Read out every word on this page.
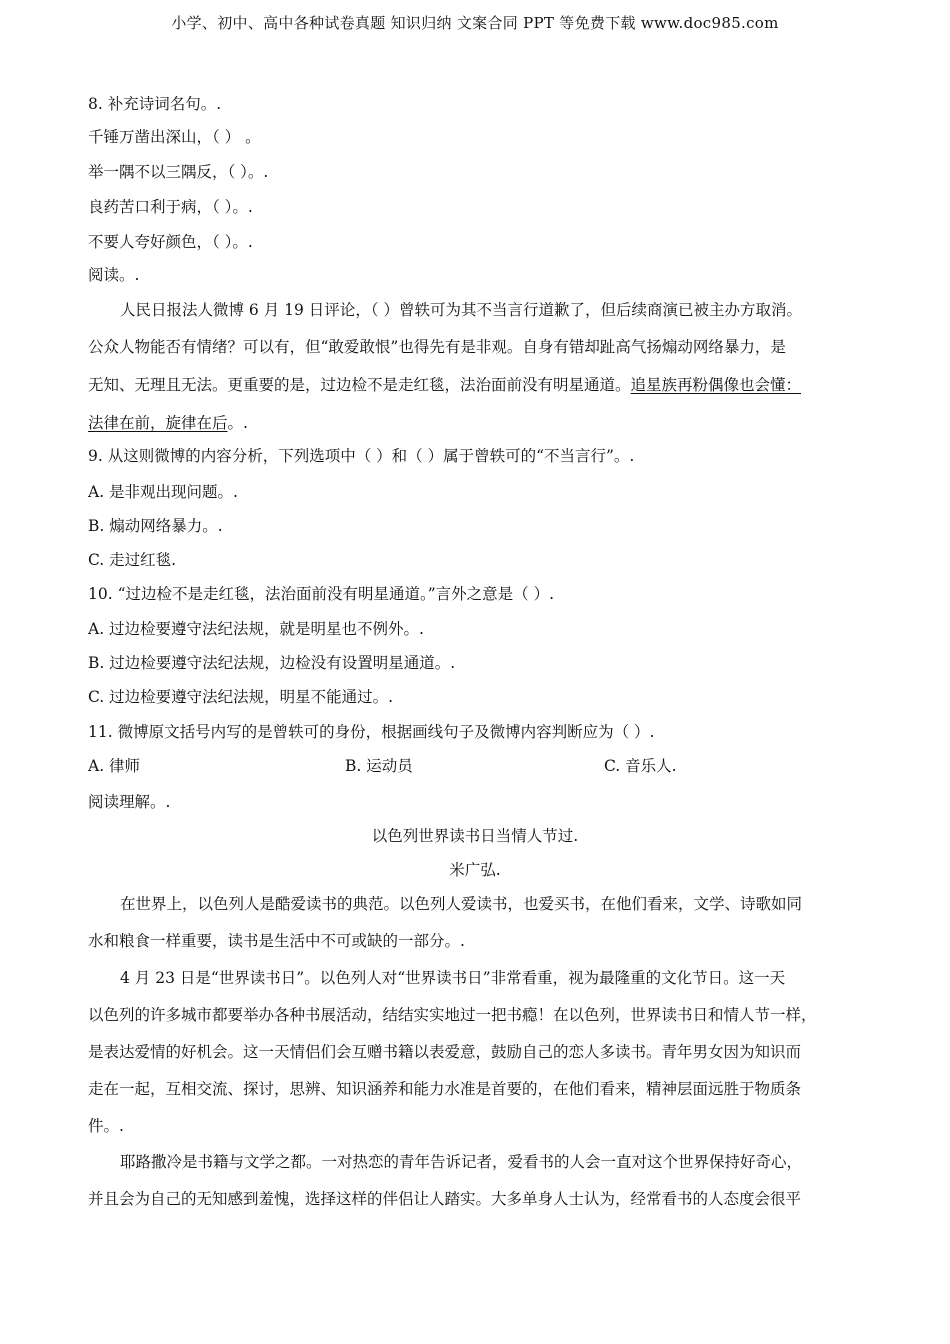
小学、初中、高中各种试卷真题 知识归纳 文案合同 PPT 等免费下载 www.doc985.com
8. 补充诗词名句。.
千锤万凿出深山，（ ） 。
举一隅不以三隅反，（ ）。.
良药苦口利于病，（ ）。.
不要人夸好颜色，（ ）。.
阅读。.
人民日报法人微博 6 月 19 日评论，（ ）曾轶可为其不当言行道歉了，但后续商演已被主办方取消。
公众人物能否有情绪？可以有，但“敢爱敢恨”也得先有是非观。自身有错却趾高气扬煽动网络暴力，是
无知、无理且无法。更重要的是，过边检不是走红毯，法治面前没有明星通道。追星族再粉偶像也会懂：
法律在前，旋律在后。.
9. 从这则微博的内容分析，下列选项中（ ）和（ ）属于曾轶可的“不当言行”。.
A. 是非观出现问题。.
B. 煽动网络暴力。.
C. 走过红毯.
10. “过边检不是走红毯，法治面前没有明星通道。”言外之意是（ ）.
A. 过边检要遵守法纪法规，就是明星也不例外。.
B. 过边检要遵守法纪法规，边检没有设置明星通道。.
C. 过边检要遵守法纪法规，明星不能通过。.
11. 微博原文括号内写的是曾轶可的身份，根据画线句子及微博内容判断应为（ ）.
A. 律师	B. 运动员	C. 音乐人.
阅读理解。.
以色列世界读书日当情人节过.
米广弘.
在世界上，以色列人是酷爱读书的典范。以色列人爱读书，也爱买书，在他们看来，文学、诗歌如同
水和粮食一样重要，读书是生活中不可或缺的一部分。.
4 月 23 日是“世界读书日”。以色列人对“世界读书日”非常看重，视为最隆重的文化节日。这一天
以色列的许多城市都要举办各种书展活动，结结实实地过一把书瘾！在以色列，世界读书日和情人节一样，
是表达爱情的好机会。这一天情侣们会互赠书籍以表爱意，鼓励自己的恋人多读书。青年男女因为知识而
走在一起，互相交流、探讨，思辨、知识涵养和能力水准是首要的，在他们看来，精神层面远胜于物质条
件。.
耶路撒冷是书籍与文学之都。一对热恋的青年告诉记者，爱看书的人会一直对这个世界保持好奇心，
并且会为自己的无知感到羞愧，选择这样的伴侣让人踏实。大多单身人士认为，经常看书的人态度会很平
